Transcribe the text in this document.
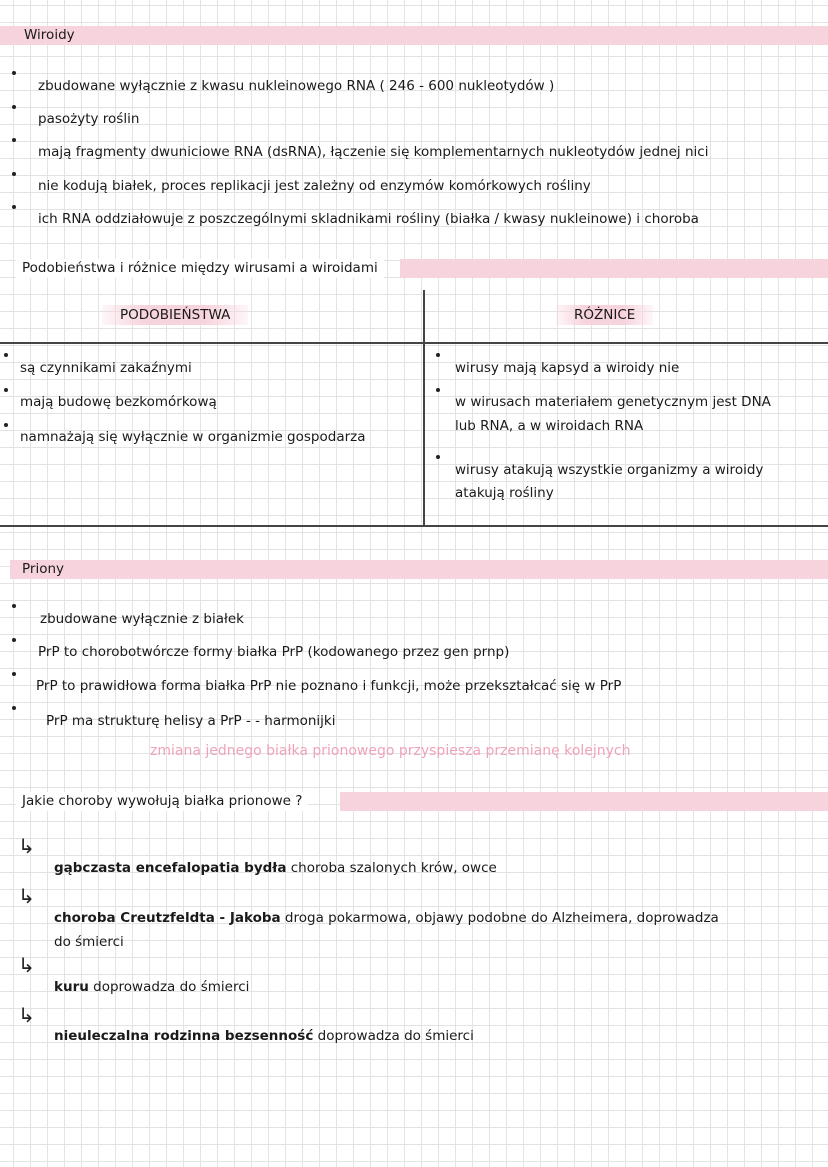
Wiroidy
zbudowane wyłącznie z kwasu nukleinowego RNA ( 246 - 600 nukleotydów )
pasożyty roślin
mają fragmenty dwuniciowe RNA (dsRNA), łączenie się komplementarnych nukleotydów jednej nici
nie kodują białek, proces replikacji jest zależny od enzymów komórkowych rośliny
ich RNA oddziałowuje z poszczególnymi skladnikami rośliny (białka / kwasy nukleinowe) i choroba
Podobieństwa i różnice między wirusami a wiroidami
PODOBIEŃSTWA	RÓŻNICE
są czynnikami zakaźnymi
mają budowę bezkomórkową
namnażają się wyłącznie w organizmie gospodarza
wirusy mają kapsyd a wiroidy nie
w wirusach materiałem genetycznym jest DNA
lub RNA, a w wiroidach RNA
wirusy atakują wszystkie organizmy a wiroidy
atakują rośliny
Priony
zbudowane wyłącznie z białek
PrP to chorobotwórcze formy białka PrP (kodowanego przez gen prnp)
PrP to prawidłowa forma białka PrP nie poznano i funkcji, może przekształcać się w PrP
PrP ma strukturę helisy a PrP - - harmonijki
zmiana jednego białka prionowego przyspiesza przemianę kolejnych
Jakie choroby wywołują białka prionowe ?
↳
gąbczasta encefalopatia bydła choroba szalonych krów, owce
↳
choroba Creutzfeldta - Jakoba droga pokarmowa, objawy podobne do Alzheimera, doprowadza
do śmierci
↳
kuru doprowadza do śmierci
↳
nieuleczalna rodzinna bezsenność doprowadza do śmierci
